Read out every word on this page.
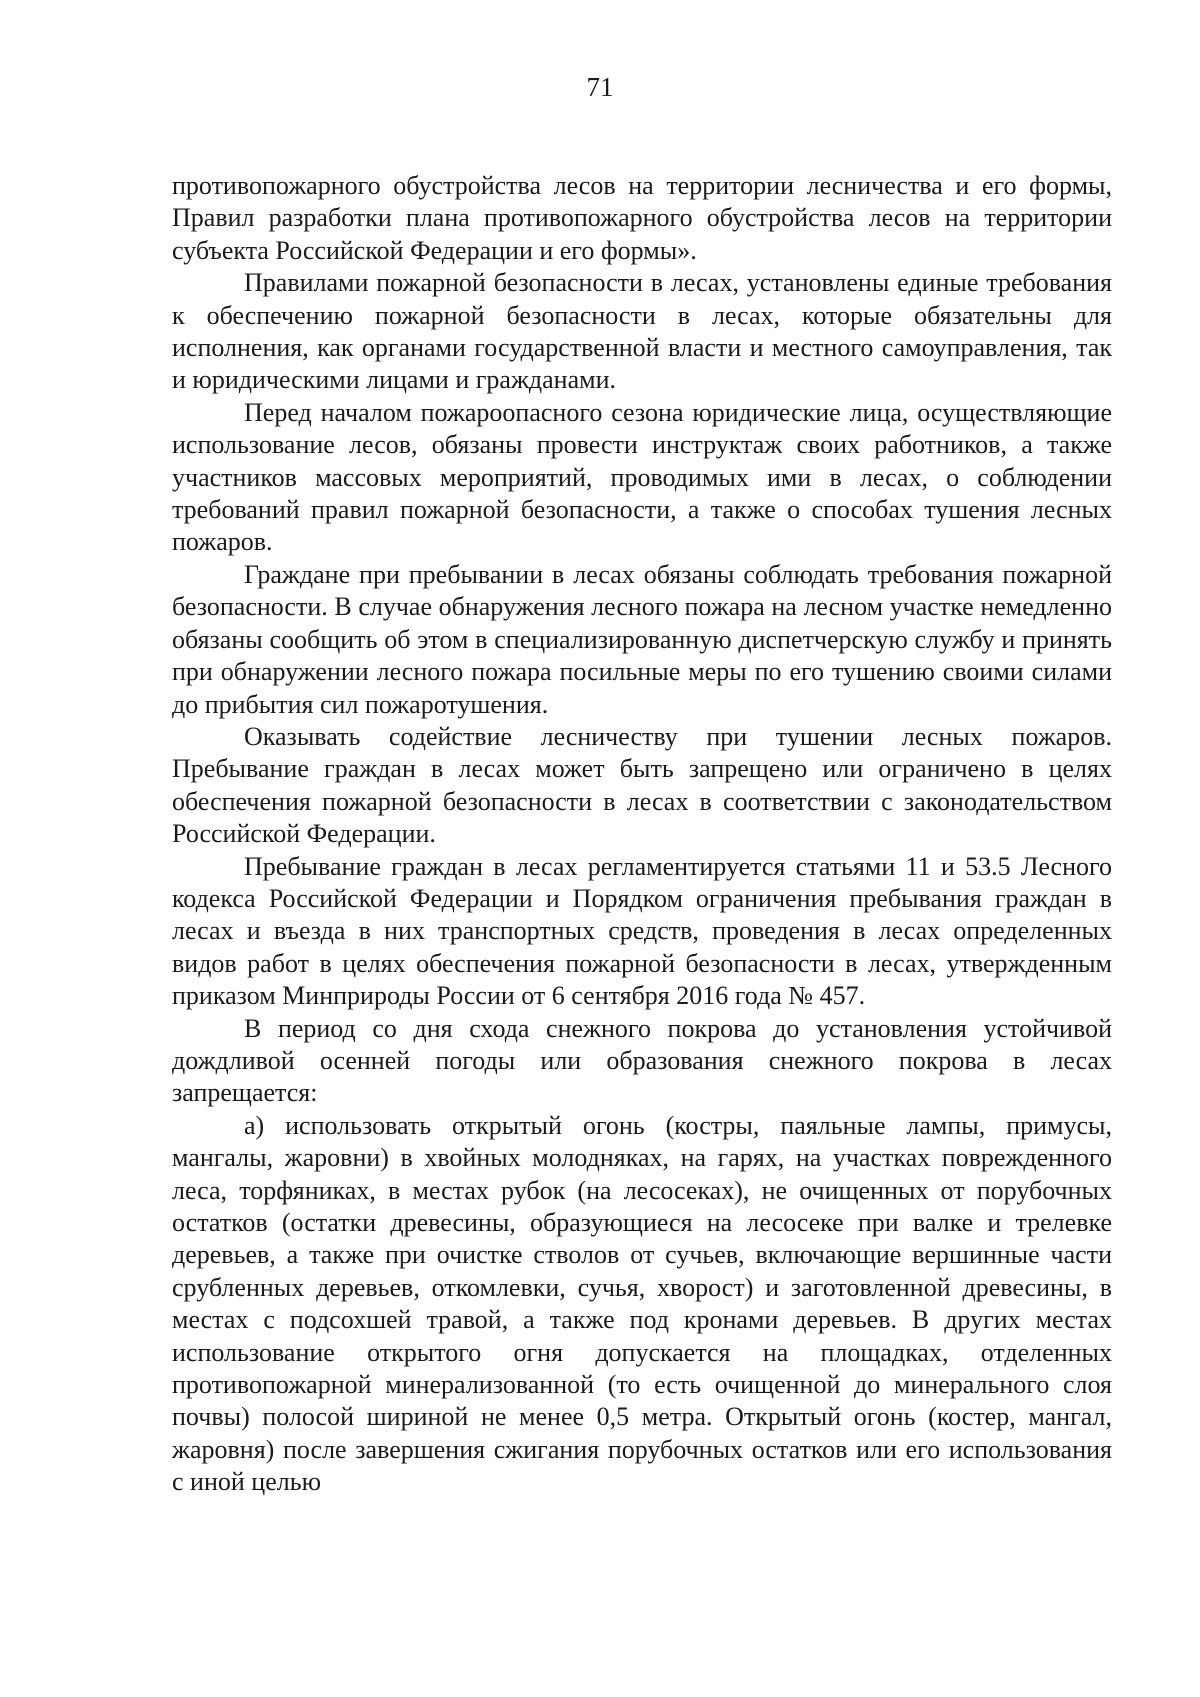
71

противопожарного обустройства лесов на территории лесничества и его формы, Правил разработки плана противопожарного обустройства лесов на территории субъекта Российской Федерации и его формы».

Правилами пожарной безопасности в лесах, установлены единые требования к обеспечению пожарной безопасности в лесах, которые обязательны для исполнения, как органами государственной власти и местного самоуправления, так и юридическими лицами и гражданами.

Перед началом пожароопасного сезона юридические лица, осуществляющие использование лесов, обязаны провести инструктаж своих работников, а также участников массовых мероприятий, проводимых ими в лесах, о соблюдении требований правил пожарной безопасности, а также о способах тушения лесных пожаров.

Граждане при пребывании в лесах обязаны соблюдать требования пожарной безопасности. В случае обнаружения лесного пожара на лесном участке немедленно обязаны сообщить об этом в специализированную диспетчерскую службу и принять при обнаружении лесного пожара посильные меры по его тушению своими силами до прибытия сил пожаротушения.

Оказывать содействие лесничеству при тушении лесных пожаров. Пребывание граждан в лесах может быть запрещено или ограничено в целях обеспечения пожарной безопасности в лесах в соответствии с законодательством Российской Федерации.

Пребывание граждан в лесах регламентируется статьями 11 и 53.5 Лесного кодекса Российской Федерации и Порядком ограничения пребывания граждан в лесах и въезда в них транспортных средств, проведения в лесах определенных видов работ в целях обеспечения пожарной безопасности в лесах, утвержденным приказом Минприроды России от 6 сентября 2016 года № 457.

В период со дня схода снежного покрова до установления устойчивой дождливой осенней погоды или образования снежного покрова в лесах запрещается:

а) использовать открытый огонь (костры, паяльные лампы, примусы, мангалы, жаровни) в хвойных молодняках, на гарях, на участках поврежденного леса, торфяниках, в местах рубок (на лесосеках), не очищенных от порубочных остатков (остатки древесины, образующиеся на лесосеке при валке и трелевке деревьев, а также при очистке стволов от сучьев, включающие вершинные части срубленных деревьев, откомлевки, сучья, хворост) и заготовленной древесины, в местах с подсохшей травой, а также под кронами деревьев. В других местах использование открытого огня допускается на площадках, отделенных противопожарной минерализованной (то есть очищенной до минерального слоя почвы) полосой шириной не менее 0,5 метра. Открытый огонь (костер, мангал, жаровня) после завершения сжигания порубочных остатков или его использования с иной целью
